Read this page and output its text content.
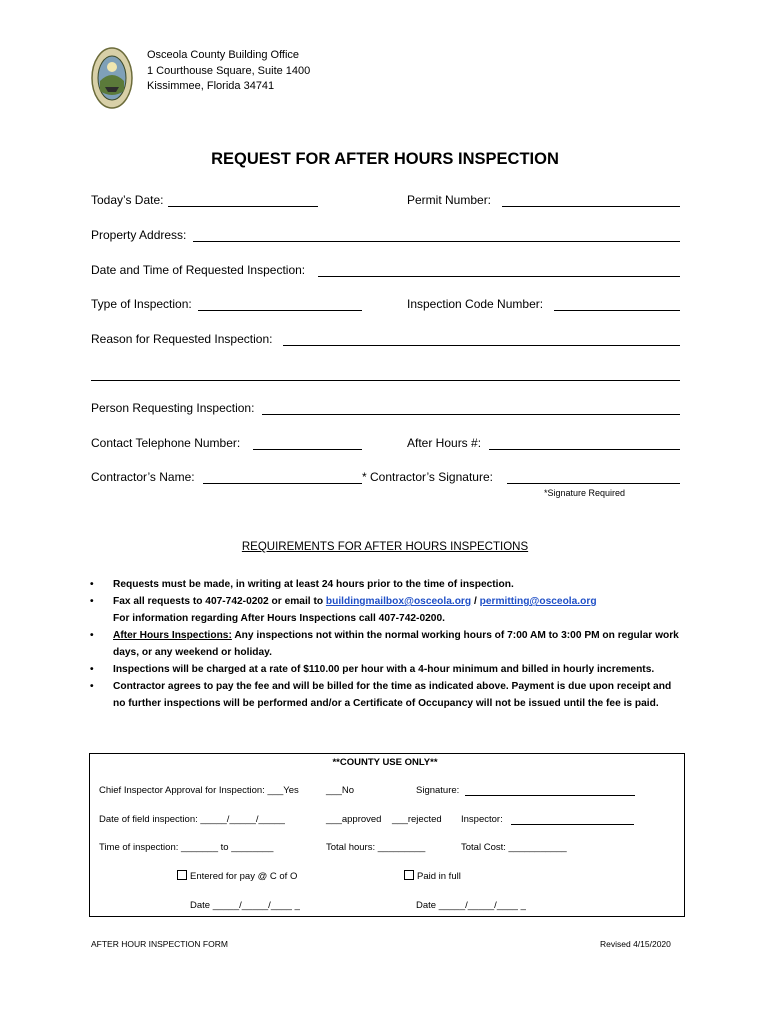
Osceola County Building Office
1 Courthouse Square, Suite 1400
Kissimmee, Florida 34741
REQUEST FOR AFTER HOURS INSPECTION
Today’s Date:	Permit Number:
Property Address:
Date and Time of Requested Inspection:
Type of Inspection:	Inspection Code Number:
Reason for Requested Inspection:
Person Requesting Inspection:
Contact Telephone Number:	After Hours #:
Contractor’s Name:	* Contractor’s Signature:
*Signature Required
REQUIREMENTS FOR AFTER HOURS INSPECTIONS
• Requests must be made, in writing at least 24 hours prior to the time of inspection.
• Fax all requests to 407-742-0202 or email to buildingmailbox@osceola.org / permitting@osceola.org
For information regarding After Hours Inspections call 407-742-0200.
• After Hours Inspections: Any inspections not within the normal working hours of 7:00 AM to 3:00 PM on regular work days, or any weekend or holiday.
• Inspections will be charged at a rate of $110.00 per hour with a 4-hour minimum and billed in hourly increments.
• Contractor agrees to pay the fee and will be billed for the time as indicated above. Payment is due upon receipt and no further inspections will be performed and/or a Certificate of Occupancy will not be issued until the fee is paid.
**COUNTY USE ONLY**
Chief Inspector Approval for Inspection: ___Yes	___No	Signature:
Date of field inspection: _____/_____/_____	___approved ___rejected Inspector:
Time of inspection: _______ to ________	Total hours: _________	Total Cost: ___________
Entered for pay @ C of O	Paid in full
Date _____/_____/____ _	Date _____/_____/____ _
AFTER HOUR INSPECTION FORM	Revised 4/15/2020
